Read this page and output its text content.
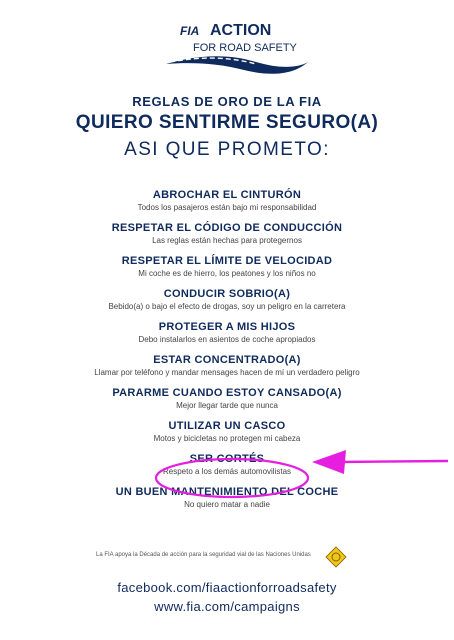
FIA ACTION
FOR ROAD SAFETY

REGLAS DE ORO DE LA FIA

QUIERO SENTIRME SEGURO(A)

ASI QUE PROMETO:

ABROCHAR EL CINTURÓN
Todos los pasajeros están bajo mi responsabilidad
RESPETAR EL CÓDIGO DE CONDUCCIÓN
Las reglas están hechas para protegernos
RESPETAR EL LÍMITE DE VELOCIDAD
Mi coche es de hierro, los peatones y los niños no
CONDUCIR SOBRIO(A)
Bebido(a) o bajo el efecto de drogas, soy un peligro en la carretera
PROTEGER A MIS HIJOS
Debo instalarlos en asientos de coche apropiados
ESTAR CONCENTRADO(A)
Llamar por teléfono y mandar mensages hacen de mí un verdadero peligro
PARARME CUANDO ESTOY CANSADO(A)
Mejor llegar tarde que nunca
UTILIZAR UN CASCO
Motos y bicicletas no protegen mi cabeza
SER CORTÉS
Respeto a los demás automovilistas
UN BUEN MANTENIMIENTO DEL COCHE
No quiero matar a nadie
La FIA apoya la Década de acción para la seguridad vial de las Naciones Unidas
facebook.com/fiaactionforroadsafety
www.fia.com/campaigns
